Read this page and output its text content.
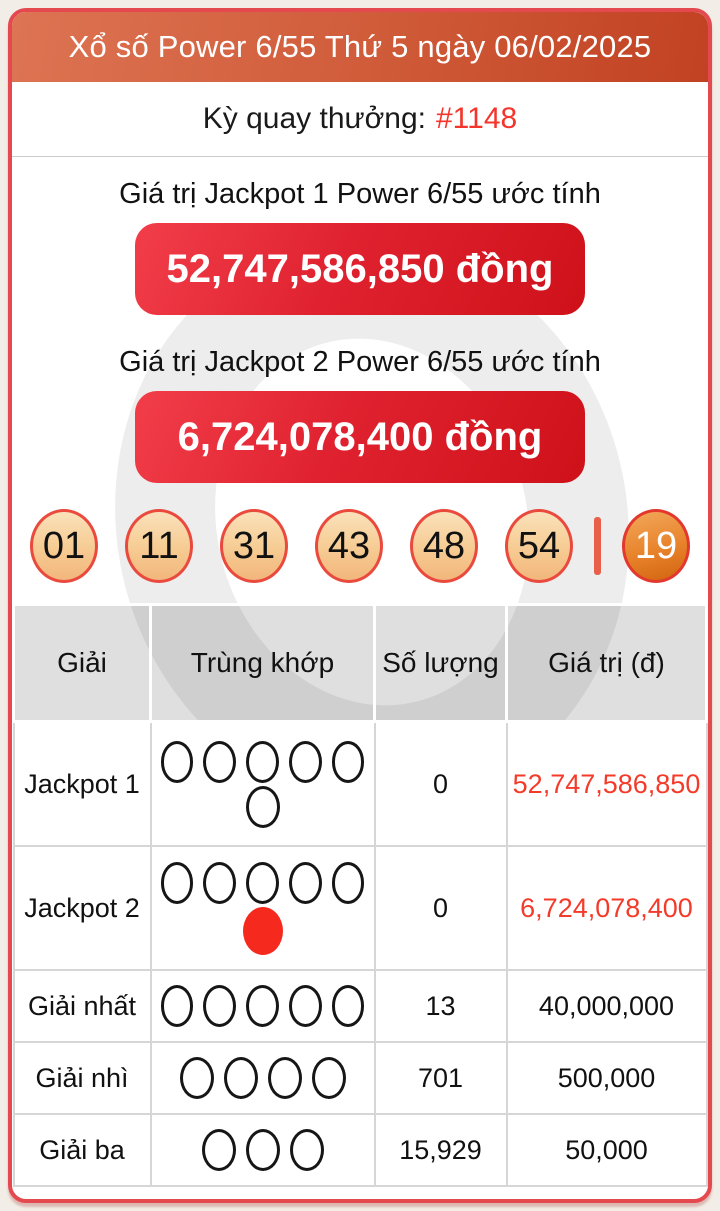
Xổ số Power 6/55 Thứ 5 ngày 06/02/2025
Kỳ quay thưởng: #1148
Giá trị Jackpot 1 Power 6/55 ước tính
52,747,586,850 đồng
Giá trị Jackpot 2 Power 6/55 ước tính
6,724,078,400 đồng
01	11	31	43	48	54	19
Giải	Trùng khớp	Số lượng	Giá trị (đ)
Jackpot 1		0	52,747,586,850
Jackpot 2		0	6,724,078,400
Giải nhất		13	40,000,000
Giải nhì		701	500,000
Giải ba		15,929	50,000
